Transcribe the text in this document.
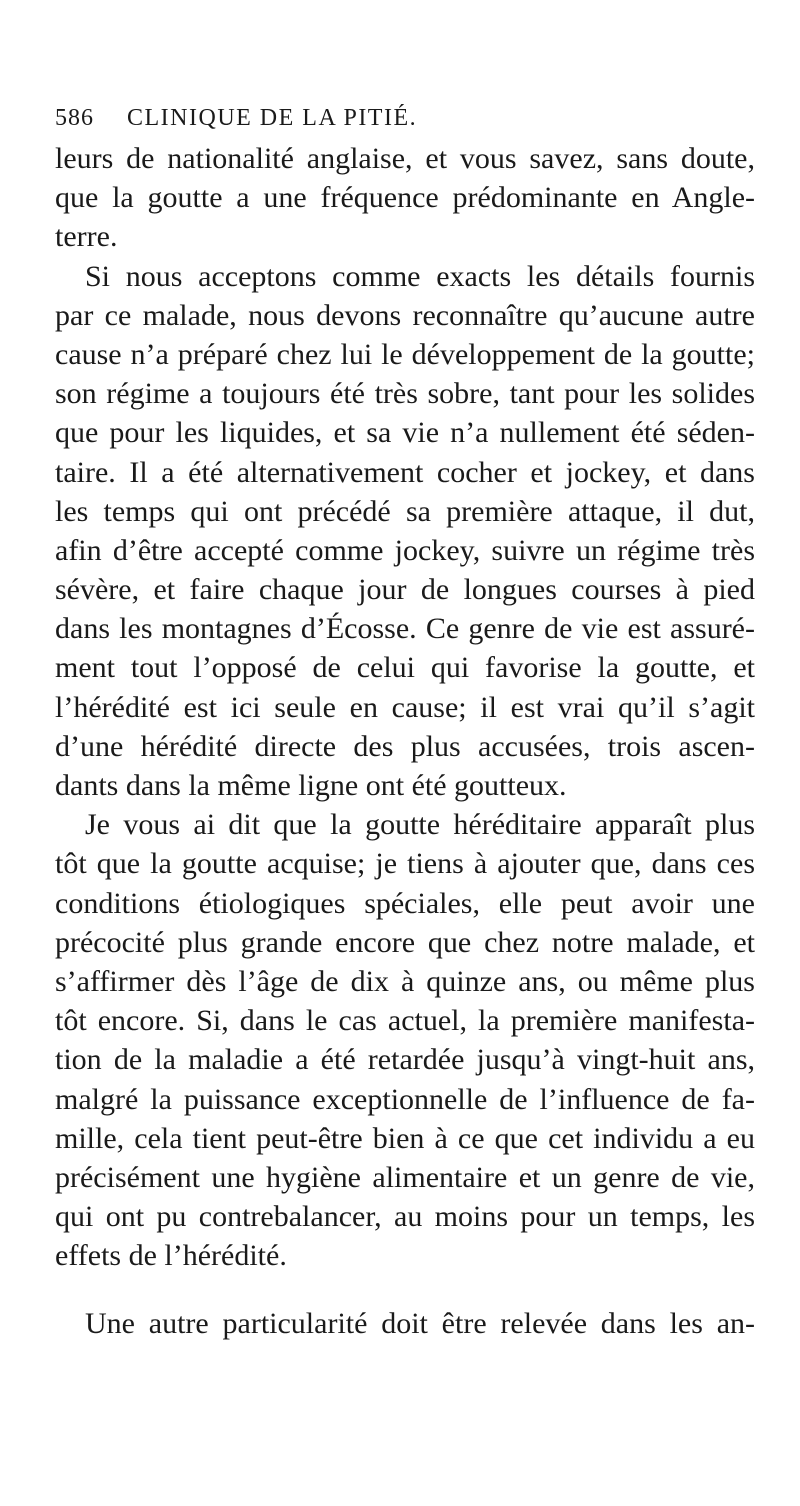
586 CLINIQUE DE LA PITIÉ.
leurs de nationalité anglaise, et vous savez, sans doute,
que la goutte a une fréquence prédominante en Angle-
terre.
Si nous acceptons comme exacts les détails fournis
par ce malade, nous devons reconnaître qu’aucune autre
cause n’a préparé chez lui le développement de la goutte;
son régime a toujours été très sobre, tant pour les solides
que pour les liquides, et sa vie n’a nullement été séden-
taire. Il a été alternativement cocher et jockey, et dans
les temps qui ont précédé sa première attaque, il dut,
afin d’être accepté comme jockey, suivre un régime très
sévère, et faire chaque jour de longues courses à pied
dans les montagnes d’Écosse. Ce genre de vie est assuré-
ment tout l’opposé de celui qui favorise la goutte, et
l’hérédité est ici seule en cause; il est vrai qu’il s’agit
d’une hérédité directe des plus accusées, trois ascen-
dants dans la même ligne ont été goutteux.
Je vous ai dit que la goutte héréditaire apparaît plus
tôt que la goutte acquise; je tiens à ajouter que, dans ces
conditions étiologiques spéciales, elle peut avoir une
précocité plus grande encore que chez notre malade, et
s’affirmer dès l’âge de dix à quinze ans, ou même plus
tôt encore. Si, dans le cas actuel, la première manifesta-
tion de la maladie a été retardée jusqu’à vingt-huit ans,
malgré la puissance exceptionnelle de l’influence de fa-
mille, cela tient peut-être bien à ce que cet individu a eu
précisément une hygiène alimentaire et un genre de vie,
qui ont pu contrebalancer, au moins pour un temps, les
effets de l’hérédité.
Une autre particularité doit être relevée dans les an-
